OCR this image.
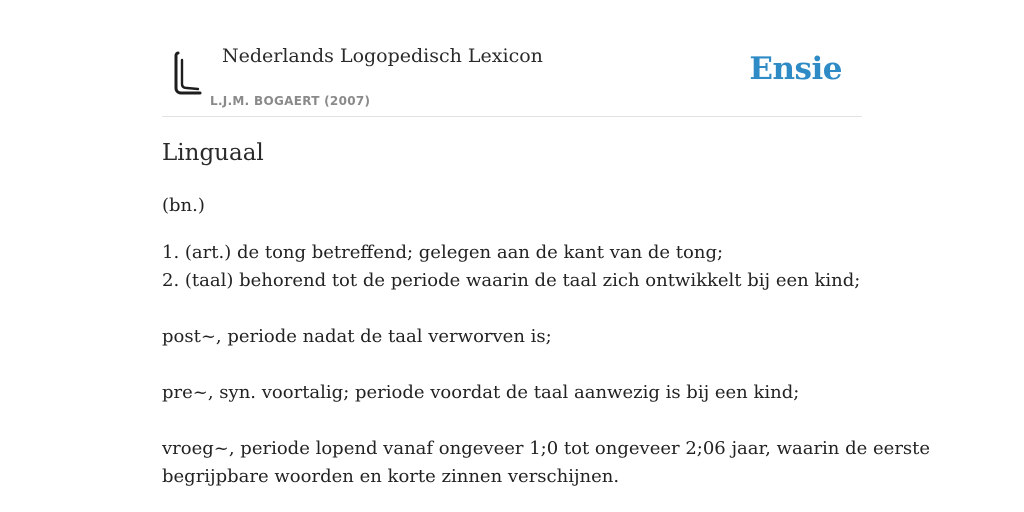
Nederlands Logopedisch Lexicon
L.J.M. BOGAERT (2007)
Ensie
Linguaal
(bn.)
1. (art.) de tong betreffend; gelegen aan de kant van de tong;
2. (taal) behorend tot de periode waarin de taal zich ontwikkelt bij een kind;
post~, periode nadat de taal verworven is;
pre~, syn. voortalig; periode voordat de taal aanwezig is bij een kind;
vroeg~, periode lopend vanaf ongeveer 1;0 tot ongeveer 2;06 jaar, waarin de eerste
begrijpbare woorden en korte zinnen verschijnen.
